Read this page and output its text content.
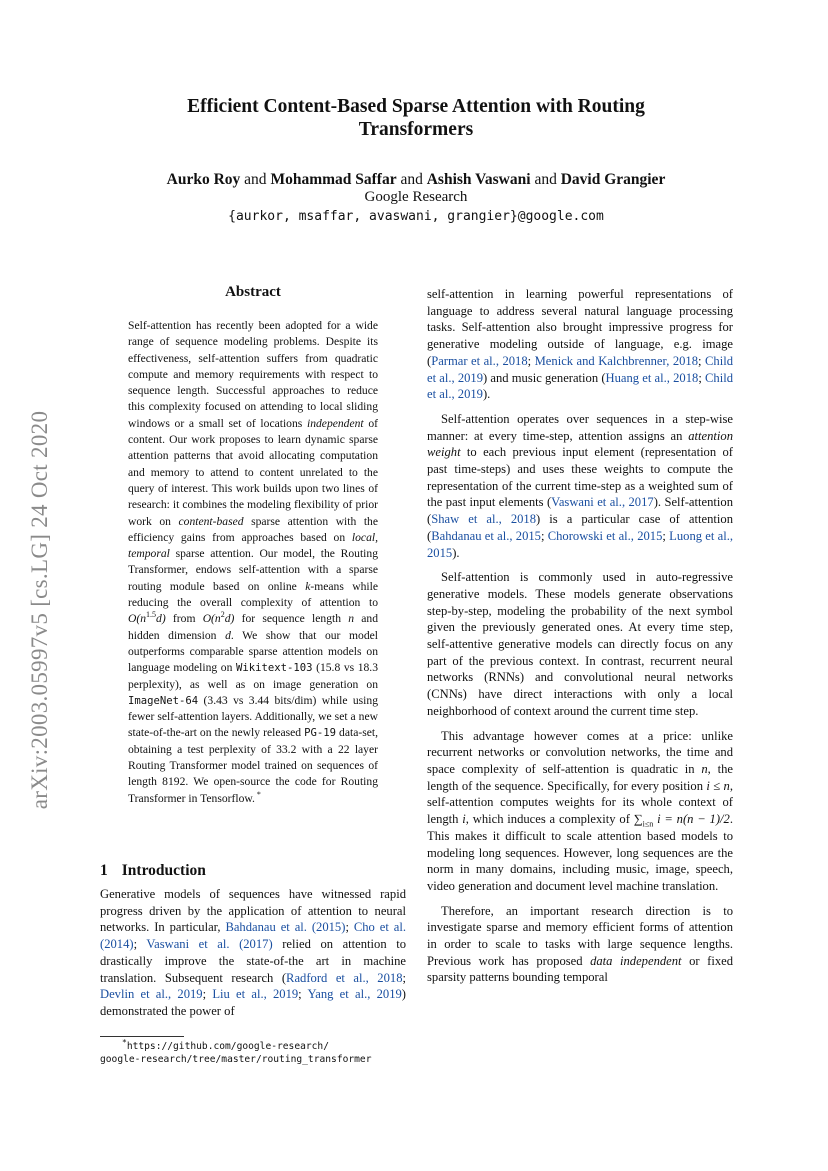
arXiv:2003.05997v5 [cs.LG] 24 Oct 2020
Efficient Content-Based Sparse Attention with Routing
Transformers
Aurko Roy and Mohammad Saffar and Ashish Vaswani and David Grangier
Google Research
{aurkor, msaffar, avaswani, grangier}@google.com
Abstract
Self-attention has recently been adopted for a wide range of sequence modeling problems. Despite its effectiveness, self-attention suffers from quadratic compute and memory requirements with respect to sequence length. Successful approaches to reduce this complexity focused on attending to local sliding windows or a small set of locations independent of content. Our work proposes to learn dynamic sparse attention patterns that avoid allocating computation and memory to attend to content unrelated to the query of interest. This work builds upon two lines of research: it combines the modeling flexibility of prior work on content-based sparse attention with the efficiency gains from approaches based on local, temporal sparse attention. Our model, the Routing Transformer, endows self-attention with a sparse routing module based on online k-means while reducing the overall complexity of attention to $O(n^{1.5}d)$ from $O(n^2d)$ for sequence length n and hidden dimension d. We show that our model outperforms comparable sparse attention models on language modeling on Wikitext-103 (15.8 vs 18.3 perplexity), as well as on image generation on ImageNet-64 (3.43 vs 3.44 bits/dim) while using fewer self-attention layers. Additionally, we set a new state-of-the-art on the newly released PG-19 data-set, obtaining a test perplexity of 33.2 with a 22 layer Routing Transformer model trained on sequences of length 8192. We open-source the code for Routing Transformer in Tensorflow. *
1 Introduction

Generative models of sequences have witnessed rapid progress driven by the application of attention to neural networks. In particular, Bahdanau et al. (2015); Cho et al. (2014); Vaswani et al. (2017) relied on attention to drastically improve the state-of-the art in machine translation. Subsequent research (Radford et al., 2018; Devlin et al., 2019; Liu et al., 2019; Yang et al., 2019) demonstrated the power of

*https://github.com/google-research/
google-research/tree/master/routing_transformer

self-attention in learning powerful representations of language to address several natural language processing tasks. Self-attention also brought impressive progress for generative modeling outside of language, e.g. image (Parmar et al., 2018; Menick and Kalchbrenner, 2018; Child et al., 2019) and music generation (Huang et al., 2018; Child et al., 2019).

Self-attention operates over sequences in a step-wise manner: at every time-step, attention assigns an attention weight to each previous input element (representation of past time-steps) and uses these weights to compute the representation of the current time-step as a weighted sum of the past input elements (Vaswani et al., 2017). Self-attention (Shaw et al., 2018) is a particular case of attention (Bahdanau et al., 2015; Chorowski et al., 2015; Luong et al., 2015).

Self-attention is commonly used in auto-regressive generative models. These models generate observations step-by-step, modeling the probability of the next symbol given the previously generated ones. At every time step, self-attentive generative models can directly focus on any part of the previous context. In contrast, recurrent neural networks (RNNs) and convolutional neural networks (CNNs) have direct interactions with only a local neighborhood of context around the current time step.

This advantage however comes at a price: unlike recurrent networks or convolution networks, the time and space complexity of self-attention is quadratic in n, the length of the sequence. Specifically, for every position i ≤ n, self-attention computes weights for its whole context of length i, which induces a complexity of $\sum_{i\le n}$ i = n(n − 1)/2. This makes it difficult to scale attention based models to modeling long sequences. However, long sequences are the norm in many domains, including music, image, speech, video generation and document level machine translation.

Therefore, an important research direction is to investigate sparse and memory efficient forms of attention in order to scale to tasks with large sequence lengths. Previous work has proposed data independent or fixed sparsity patterns bounding temporal
